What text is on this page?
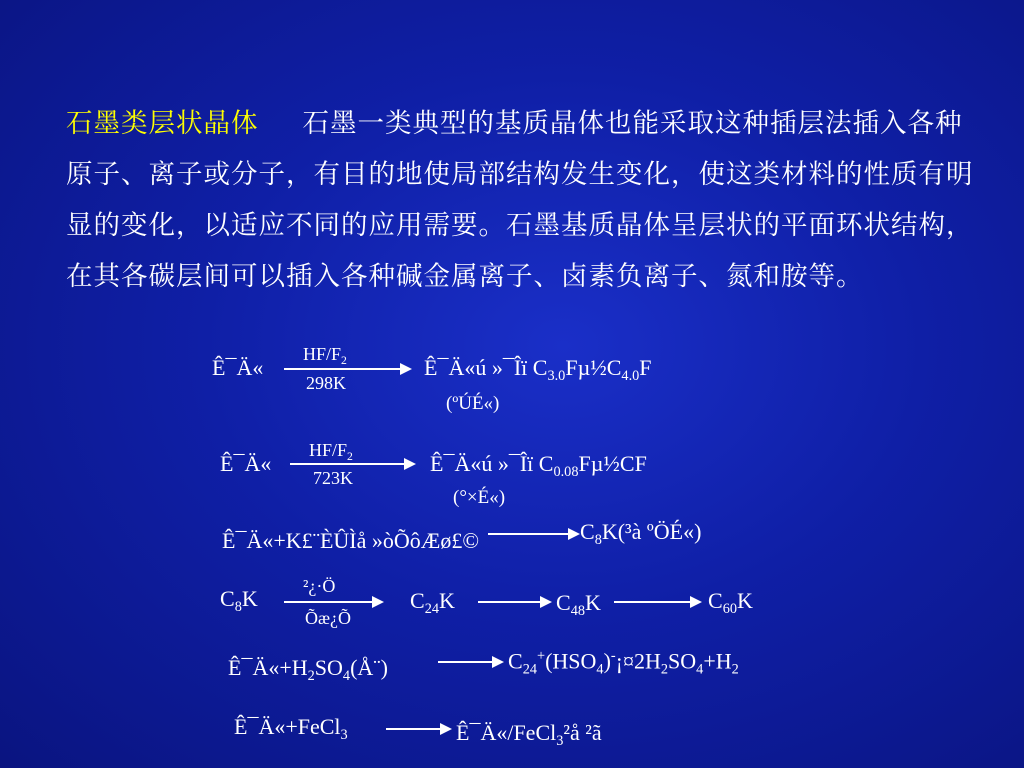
石墨类层状晶体 石墨一类典型的基质晶体也能采取这种插层法插入各种原子、离子或分子，有目的地使局部结构发生变化，使这类材料的性质有明显的变化，以适应不同的应用需要。石墨基质晶体呈层状的平面环状结构，在其各碳层间可以插入各种碱金属离子、卤素负离子、氮和胺等。

Ê¯Ä«
$HF/F_2$
298K
Ê¯Ä«ú »¯Îï $C_{3.0}F\mu\frac{1}{2}C_{4.0}F$
(ºÚÉ«)
Ê¯Ä«
$HF/F_2$
723K
Ê¯Ä«ú »¯Îï $C_{0.08}F\mu\frac{1}{2}CF$
(°×É«)
Ê¯Ä«+K£¨ÈÛÌå »òÕôÆø£©	$C_8K(^3à$ ºÖÉ«)
$C_8K$	²¿·Ö
Õæ¿Õ
$C_{24}K$	$C_{48}K$	$C_{60}K$
$Ê¯Ä«+H_2SO_4(Å¨)$	$C_{24}^+(HSO_4)^-¡¤2H_2SO_4+H_2$
Ê¯Ä«+FeCl$_3$	Ê¯Ä«/FeCl$_3$²å ²ã
